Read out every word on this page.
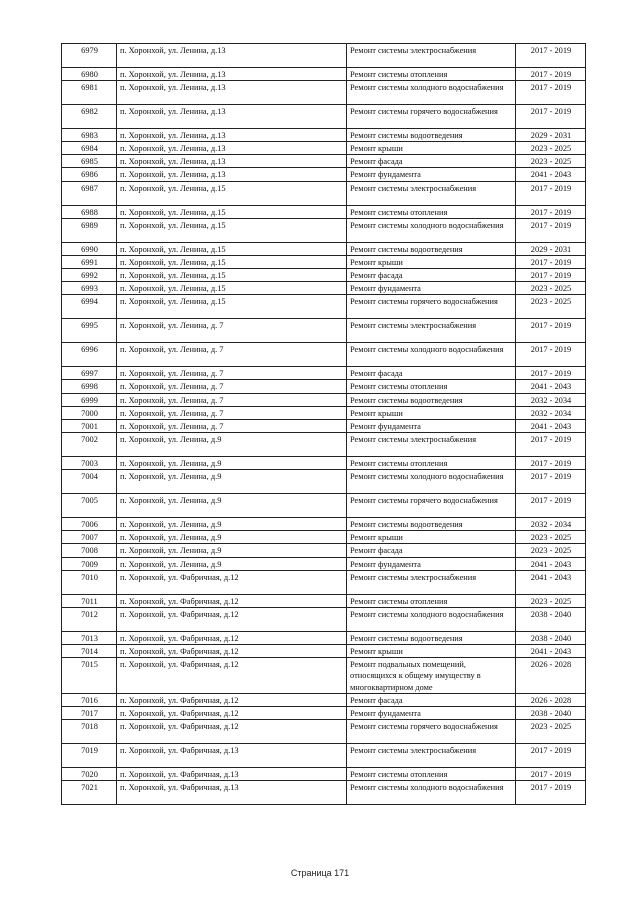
6979	п. Хоронхой, ул. Ленина, д.13	Ремонт системы электроснабжения	2017 - 2019
6980	п. Хоронхой, ул. Ленина, д.13	Ремонт системы отопления	2017 - 2019
6981	п. Хоронхой, ул. Ленина, д.13	Ремонт системы холодного водоснабжения	2017 - 2019
6982	п. Хоронхой, ул. Ленина, д.13	Ремонт системы горячего водоснабжения	2017 - 2019
6983	п. Хоронхой, ул. Ленина, д.13	Ремонт системы водоотведения	2029 - 2031
6984	п. Хоронхой, ул. Ленина, д.13	Ремонт крыши	2023 - 2025
6985	п. Хоронхой, ул. Ленина, д.13	Ремонт фасада	2023 - 2025
6986	п. Хоронхой, ул. Ленина, д.13	Ремонт фундамента	2041 - 2043
6987	п. Хоронхой, ул. Ленина, д.15	Ремонт системы электроснабжения	2017 - 2019
6988	п. Хоронхой, ул. Ленина, д.15	Ремонт системы отопления	2017 - 2019
6989	п. Хоронхой, ул. Ленина, д.15	Ремонт системы холодного водоснабжения	2017 - 2019
6990	п. Хоронхой, ул. Ленина, д.15	Ремонт системы водоотведения	2029 - 2031
6991	п. Хоронхой, ул. Ленина, д.15	Ремонт крыши	2017 - 2019
6992	п. Хоронхой, ул. Ленина, д.15	Ремонт фасада	2017 - 2019
6993	п. Хоронхой, ул. Ленина, д.15	Ремонт фундамента	2023 - 2025
6994	п. Хоронхой, ул. Ленина, д.15	Ремонт системы горячего водоснабжения	2023 - 2025
6995	п. Хоронхой, ул. Ленина, д. 7	Ремонт системы электроснабжения	2017 - 2019
6996	п. Хоронхой, ул. Ленина, д. 7	Ремонт системы холодного водоснабжения	2017 - 2019
6997	п. Хоронхой, ул. Ленина, д. 7	Ремонт фасада	2017 - 2019
6998	п. Хоронхой, ул. Ленина, д. 7	Ремонт системы отопления	2041 - 2043
6999	п. Хоронхой, ул. Ленина, д. 7	Ремонт системы водоотведения	2032 - 2034
7000	п. Хоронхой, ул. Ленина, д. 7	Ремонт крыши	2032 - 2034
7001	п. Хоронхой, ул. Ленина, д. 7	Ремонт фундамента	2041 - 2043
7002	п. Хоронхой, ул. Ленина, д.9	Ремонт системы электроснабжения	2017 - 2019
7003	п. Хоронхой, ул. Ленина, д.9	Ремонт системы отопления	2017 - 2019
7004	п. Хоронхой, ул. Ленина, д.9	Ремонт системы холодного водоснабжения	2017 - 2019
7005	п. Хоронхой, ул. Ленина, д.9	Ремонт системы горячего водоснабжения	2017 - 2019
7006	п. Хоронхой, ул. Ленина, д.9	Ремонт системы водоотведения	2032 - 2034
7007	п. Хоронхой, ул. Ленина, д.9	Ремонт крыши	2023 - 2025
7008	п. Хоронхой, ул. Ленина, д.9	Ремонт фасада	2023 - 2025
7009	п. Хоронхой, ул. Ленина, д.9	Ремонт фундамента	2041 - 2043
7010	п. Хоронхой, ул. Фабричная, д.12	Ремонт системы электроснабжения	2041 - 2043
7011	п. Хоронхой, ул. Фабричная, д.12	Ремонт системы отопления	2023 - 2025
7012	п. Хоронхой, ул. Фабричная, д.12	Ремонт системы холодного водоснабжения	2038 - 2040
7013	п. Хоронхой, ул. Фабричная, д.12	Ремонт системы водоотведения	2038 - 2040
7014	п. Хоронхой, ул. Фабричная, д.12	Ремонт крыши	2041 - 2043
7015	п. Хоронхой, ул. Фабричная, д.12	Ремонт подвальных помещений, относящихся к общему имуществу в многоквартирном доме	2026 - 2028
7016	п. Хоронхой, ул. Фабричная, д.12	Ремонт фасада	2026 - 2028
7017	п. Хоронхой, ул. Фабричная, д.12	Ремонт фундамента	2038 - 2040
7018	п. Хоронхой, ул. Фабричная, д.12	Ремонт системы горячего водоснабжения	2023 - 2025
7019	п. Хоронхой, ул. Фабричная, д.13	Ремонт системы электроснабжения	2017 - 2019
7020	п. Хоронхой, ул. Фабричная, д.13	Ремонт системы отопления	2017 - 2019
7021	п. Хоронхой, ул. Фабричная, д.13	Ремонт системы холодного водоснабжения	2017 - 2019
Страница 171
